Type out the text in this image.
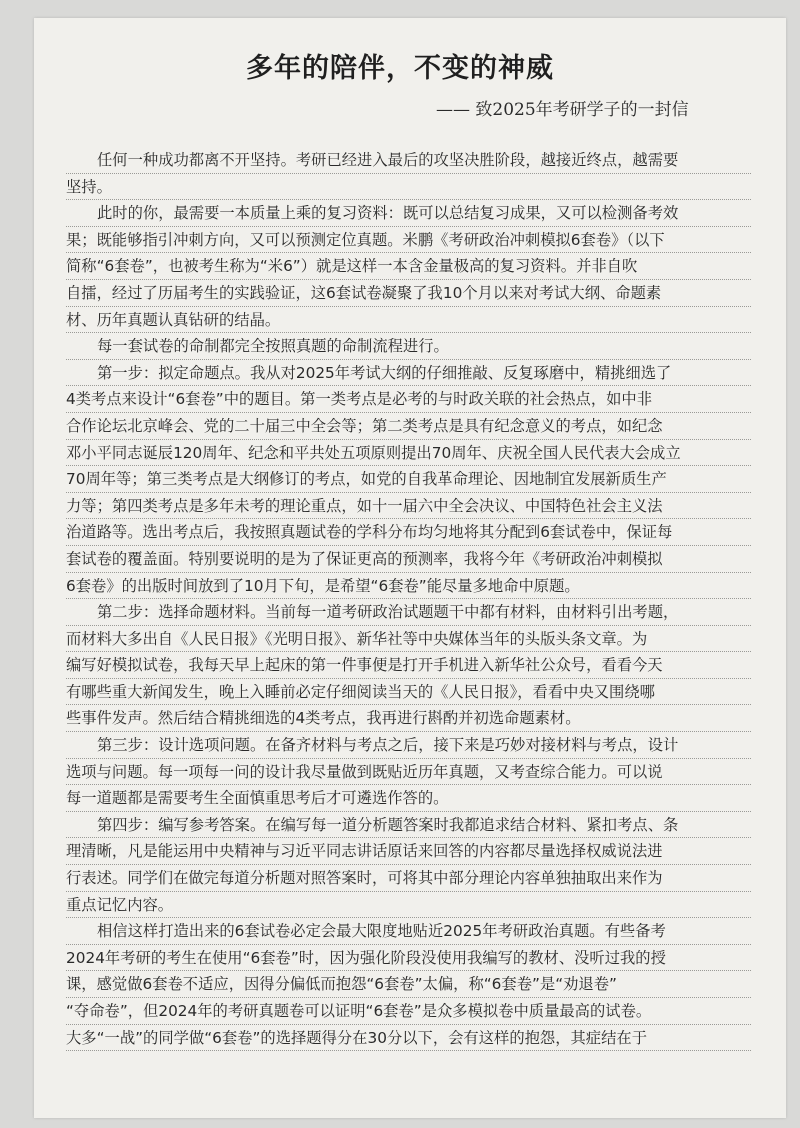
多年的陪伴，不变的神威
—— 致2025年考研学子的一封信
任何一种成功都离不开坚持。考研已经进入最后的攻坚决胜阶段，越接近终点，越需要
坚持。
此时的你，最需要一本质量上乘的复习资料：既可以总结复习成果，又可以检测备考效
果；既能够指引冲刺方向，又可以预测定位真题。米鹏《考研政治冲刺模拟6套卷》（以下
简称“6套卷”，也被考生称为“米6”）就是这样一本含金量极高的复习资料。并非自吹
自擂，经过了历届考生的实践验证，这6套试卷凝聚了我10个月以来对考试大纲、命题素
材、历年真题认真钻研的结晶。
每一套试卷的命制都完全按照真题的命制流程进行。
第一步：拟定命题点。我从对2025年考试大纲的仔细推敲、反复琢磨中，精挑细选了
4类考点来设计“6套卷”中的题目。第一类考点是必考的与时政关联的社会热点，如中非
合作论坛北京峰会、党的二十届三中全会等；第二类考点是具有纪念意义的考点，如纪念
邓小平同志诞辰120周年、纪念和平共处五项原则提出70周年、庆祝全国人民代表大会成立
70周年等；第三类考点是大纲修订的考点，如党的自我革命理论、因地制宜发展新质生产
力等；第四类考点是多年未考的理论重点，如十一届六中全会决议、中国特色社会主义法
治道路等。选出考点后，我按照真题试卷的学科分布均匀地将其分配到6套试卷中，保证每
套试卷的覆盖面。特别要说明的是为了保证更高的预测率，我将今年《考研政治冲刺模拟
6套卷》的出版时间放到了10月下旬，是希望“6套卷”能尽量多地命中原题。
第二步：选择命题材料。当前每一道考研政治试题题干中都有材料，由材料引出考题，
而材料大多出自《人民日报》《光明日报》、新华社等中央媒体当年的头版头条文章。为
编写好模拟试卷，我每天早上起床的第一件事便是打开手机进入新华社公众号，看看今天
有哪些重大新闻发生，晚上入睡前必定仔细阅读当天的《人民日报》，看看中央又围绕哪
些事件发声。然后结合精挑细选的4类考点，我再进行斟酌并初选命题素材。
第三步：设计选项问题。在备齐材料与考点之后，接下来是巧妙对接材料与考点，设计
选项与问题。每一项每一问的设计我尽量做到既贴近历年真题，又考查综合能力。可以说
每一道题都是需要考生全面慎重思考后才可遴选作答的。
第四步：编写参考答案。在编写每一道分析题答案时我都追求结合材料、紧扣考点、条
理清晰，凡是能运用中央精神与习近平同志讲话原话来回答的内容都尽量选择权威说法进
行表述。同学们在做完每道分析题对照答案时，可将其中部分理论内容单独抽取出来作为
重点记忆内容。
相信这样打造出来的6套试卷必定会最大限度地贴近2025年考研政治真题。有些备考
2024年考研的考生在使用“6套卷”时，因为强化阶段没使用我编写的教材、没听过我的授
课，感觉做6套卷不适应，因得分偏低而抱怨“6套卷”太偏，称“6套卷”是“劝退卷”
“夺命卷”，但2024年的考研真题卷可以证明“6套卷”是众多模拟卷中质量最高的试卷。
大多“一战”的同学做“6套卷”的选择题得分在30分以下，会有这样的抱怨，其症结在于
